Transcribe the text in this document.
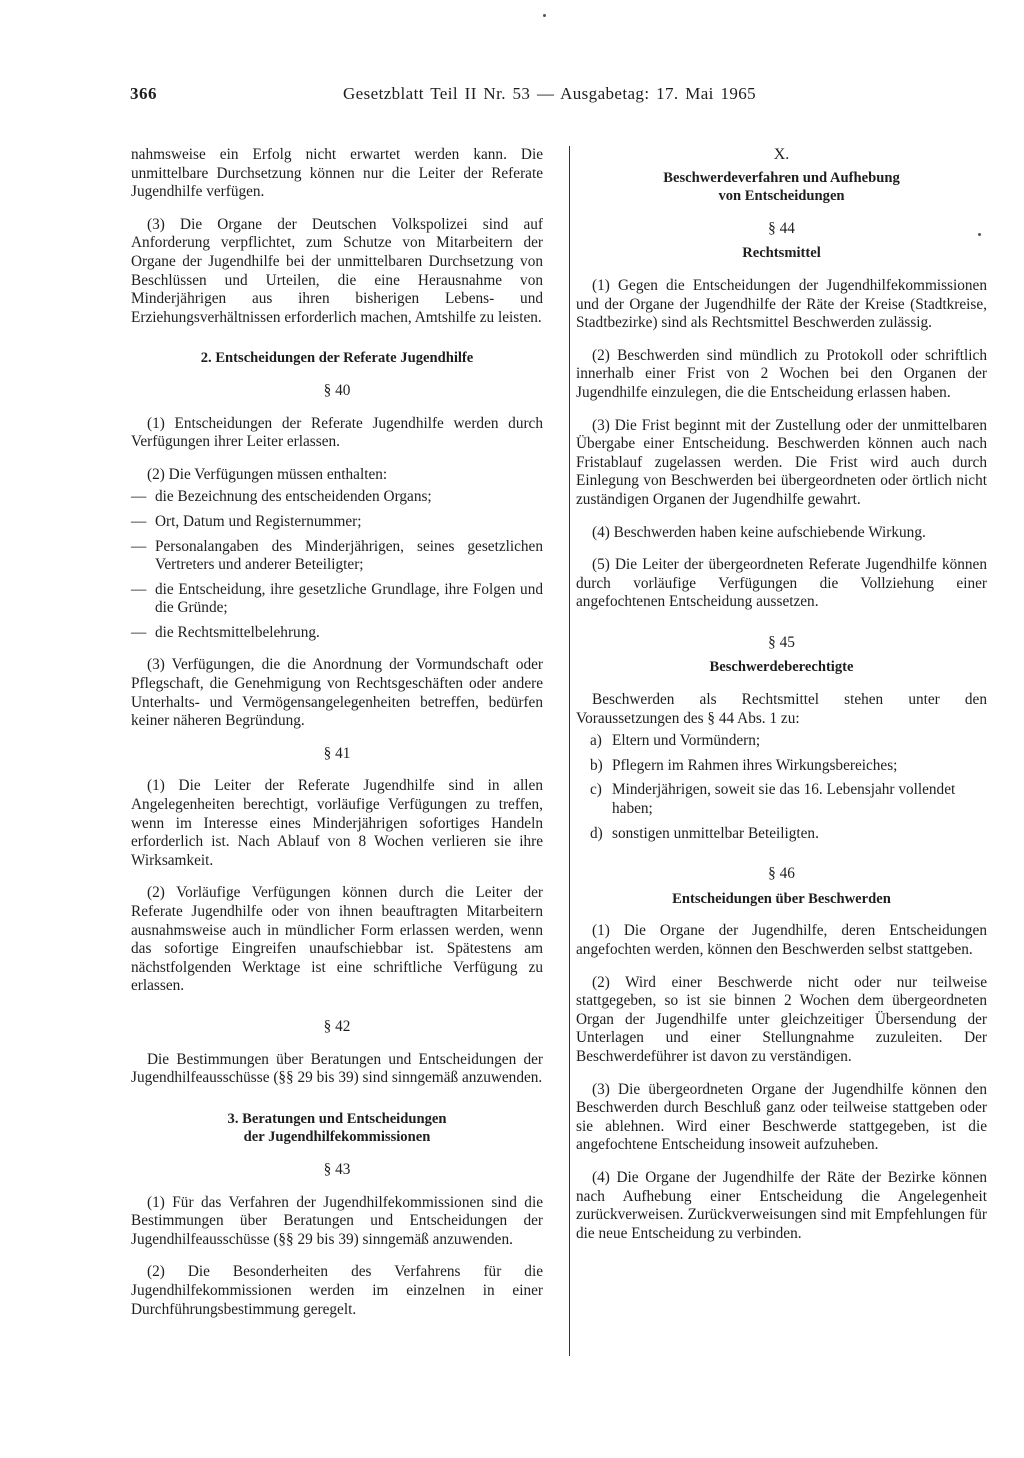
366	Gesetzblatt Teil II Nr. 53 — Ausgabetag: 17. Mai 1965

nahmsweise ein Erfolg nicht erwartet werden kann. Die unmittelbare Durchsetzung können nur die Leiter der Referate Jugendhilfe verfügen.

(3) Die Organe der Deutschen Volkspolizei sind auf Anforderung verpflichtet, zum Schutze von Mitarbeitern der Organe der Jugendhilfe bei der unmittelbaren Durchsetzung von Beschlüssen und Urteilen, die eine Herausnahme von Minderjährigen aus ihren bisherigen Lebens- und Erziehungsverhältnissen erforderlich machen, Amtshilfe zu leisten.

2. Entscheidungen der Referate Jugendhilfe

§ 40

(1) Entscheidungen der Referate Jugendhilfe werden durch Verfügungen ihrer Leiter erlassen.

(2) Die Verfügungen müssen enthalten:

— die Bezeichnung des entscheidenden Organs;
— Ort, Datum und Registernummer;
— Personalangaben des Minderjährigen, seines gesetzlichen Vertreters und anderer Beteiligter;
— die Entscheidung, ihre gesetzliche Grundlage, ihre Folgen und die Gründe;
— die Rechtsmittelbelehrung.

(3) Verfügungen, die die Anordnung der Vormundschaft oder Pflegschaft, die Genehmigung von Rechtsgeschäften oder andere Unterhalts- und Vermögensangelegenheiten betreffen, bedürfen keiner näheren Begründung.

§ 41

(1) Die Leiter der Referate Jugendhilfe sind in allen Angelegenheiten berechtigt, vorläufige Verfügungen zu treffen, wenn im Interesse eines Minderjährigen sofortiges Handeln erforderlich ist. Nach Ablauf von 8 Wochen verlieren sie ihre Wirksamkeit.

(2) Vorläufige Verfügungen können durch die Leiter der Referate Jugendhilfe oder von ihnen beauftragten Mitarbeitern ausnahmsweise auch in mündlicher Form erlassen werden, wenn das sofortige Eingreifen unaufschiebbar ist. Spätestens am nächstfolgenden Werktage ist eine schriftliche Verfügung zu erlassen.

§ 42

Die Bestimmungen über Beratungen und Entscheidungen der Jugendhilfeausschüsse (§§ 29 bis 39) sind sinngemäß anzuwenden.

3. Beratungen und Entscheidungen

der Jugendhilfekommissionen

§ 43

(1) Für das Verfahren der Jugendhilfekommissionen sind die Bestimmungen über Beratungen und Entscheidungen der Jugendhilfeausschüsse (§§ 29 bis 39) sinngemäß anzuwenden.

(2) Die Besonderheiten des Verfahrens für die Jugendhilfekommissionen werden im einzelnen in einer Durchführungsbestimmung geregelt.

X.

Beschwerdeverfahren und Aufhebung

von Entscheidungen

§ 44

Rechtsmittel

(1) Gegen die Entscheidungen der Jugendhilfekommissionen und der Organe der Jugendhilfe der Räte der Kreise (Stadtkreise, Stadtbezirke) sind als Rechtsmittel Beschwerden zulässig.

(2) Beschwerden sind mündlich zu Protokoll oder schriftlich innerhalb einer Frist von 2 Wochen bei den Organen der Jugendhilfe einzulegen, die die Entscheidung erlassen haben.

(3) Die Frist beginnt mit der Zustellung oder der unmittelbaren Übergabe einer Entscheidung. Beschwerden können auch nach Fristablauf zugelassen werden. Die Frist wird auch durch Einlegung von Beschwerden bei übergeordneten oder örtlich nicht zuständigen Organen der Jugendhilfe gewahrt.

(4) Beschwerden haben keine aufschiebende Wirkung.

(5) Die Leiter der übergeordneten Referate Jugendhilfe können durch vorläufige Verfügungen die Vollziehung einer angefochtenen Entscheidung aussetzen.

§ 45

Beschwerdeberechtigte

Beschwerden als Rechtsmittel stehen unter den Voraussetzungen des § 44 Abs. 1 zu:

a) Eltern und Vormündern;
b) Pflegern im Rahmen ihres Wirkungsbereiches;
c) Minderjährigen, soweit sie das 16. Lebensjahr vollendet haben;
d) sonstigen unmittelbar Beteiligten.

§ 46

Entscheidungen über Beschwerden

(1) Die Organe der Jugendhilfe, deren Entscheidungen angefochten werden, können den Beschwerden selbst stattgeben.

(2) Wird einer Beschwerde nicht oder nur teilweise stattgegeben, so ist sie binnen 2 Wochen dem übergeordneten Organ der Jugendhilfe unter gleichzeitiger Übersendung der Unterlagen und einer Stellungnahme zuzuleiten. Der Beschwerdeführer ist davon zu verständigen.

(3) Die übergeordneten Organe der Jugendhilfe können den Beschwerden durch Beschluß ganz oder teilweise stattgeben oder sie ablehnen. Wird einer Beschwerde stattgegeben, ist die angefochtene Entscheidung insoweit aufzuheben.

(4) Die Organe der Jugendhilfe der Räte der Bezirke können nach Aufhebung einer Entscheidung die Angelegenheit zurückverweisen. Zurückverweisungen sind mit Empfehlungen für die neue Entscheidung zu verbinden.
